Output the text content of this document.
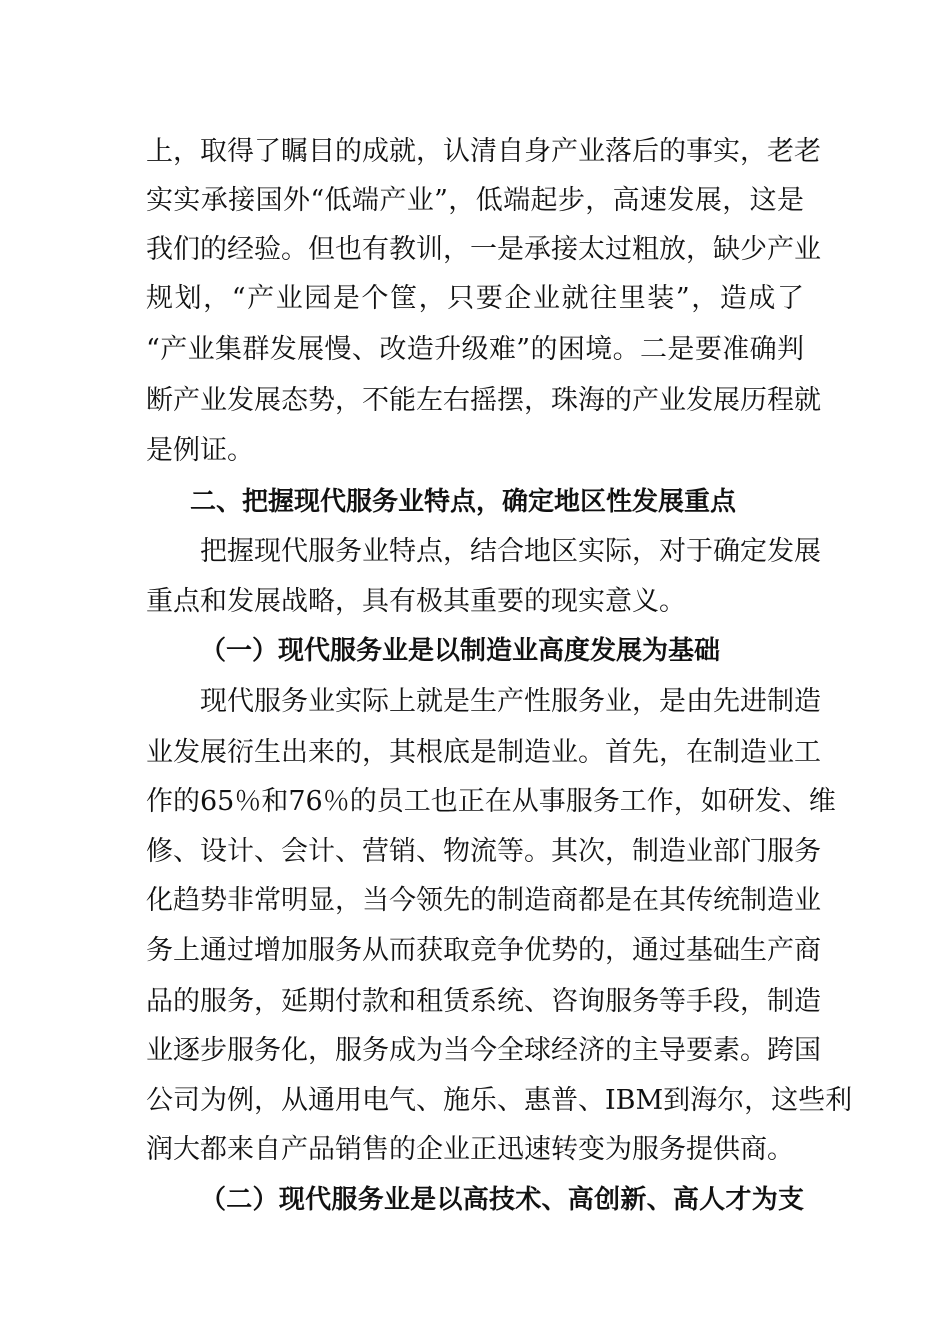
上，取得了瞩目的成就，认清自身产业落后的事实，老老
实实承接国外“低端产业”，低端起步，高速发展，这是
我们的经验。但也有教训，一是承接太过粗放，缺少产业
规划，“产业园是个筐，只要企业就往里装”，造成了
“产业集群发展慢、改造升级难”的困境。二是要准确判
断产业发展态势，不能左右摇摆，珠海的产业发展历程就
是例证。
二、把握现代服务业特点，确定地区性发展重点
把握现代服务业特点，结合地区实际，对于确定发展
重点和发展战略，具有极其重要的现实意义。
（一）现代服务业是以制造业高度发展为基础
现代服务业实际上就是生产性服务业，是由先进制造
业发展衍生出来的，其根底是制造业。首先，在制造业工
作的65％和76％的员工也正在从事服务工作，如研发、维
修、设计、会计、营销、物流等。其次，制造业部门服务
化趋势非常明显，当今领先的制造商都是在其传统制造业
务上通过增加服务从而获取竞争优势的，通过基础生产商
品的服务，延期付款和租赁系统、咨询服务等手段，制造
业逐步服务化，服务成为当今全球经济的主导要素。跨国
公司为例，从通用电气、施乐、惠普、IBM到海尔，这些利
润大都来自产品销售的企业正迅速转变为服务提供商。
（二）现代服务业是以高技术、高创新、高人才为支
